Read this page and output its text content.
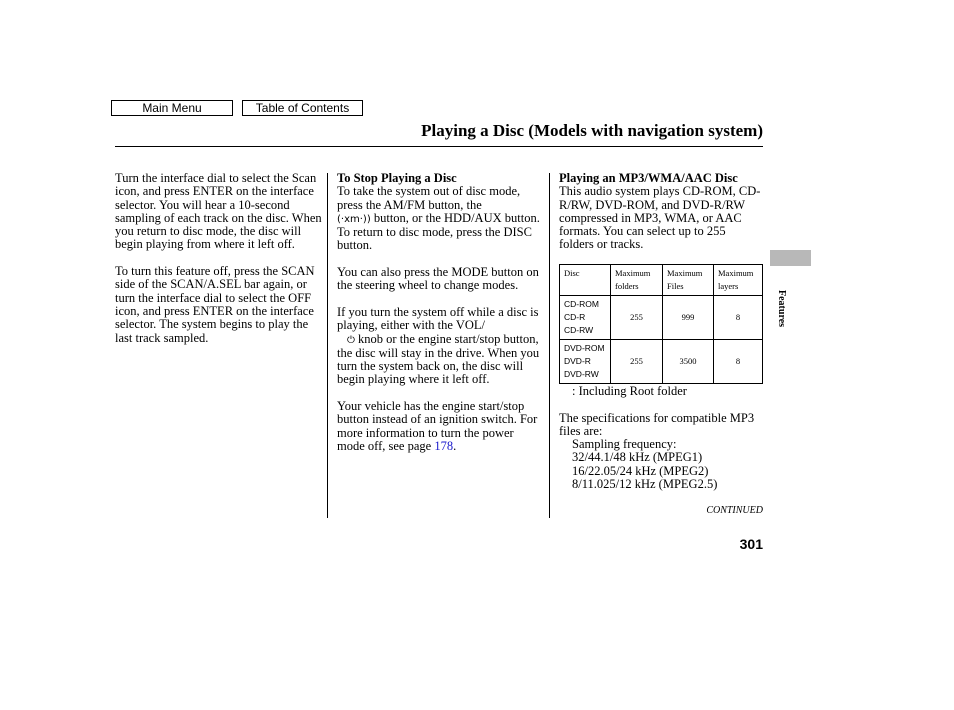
Main Menu	Table of Contents
Playing a Disc (Models with navigation system)

Turn the interface dial to select the Scan icon, and press ENTER on the interface selector. You will hear a 10-second sampling of each track on the disc. When you return to disc mode, the disc will begin playing from where it left off.

To turn this feature off, press the SCAN side of the SCAN/A.SEL bar again, or turn the interface dial to select the OFF icon, and press ENTER on the interface selector. The system begins to play the last track sampled.

To Stop Playing a Disc

To take the system out of disc mode, press the AM/FM button, the
(·xm·)) button, or the HDD/AUX button. To return to disc mode, press the DISC button.

You can also press the MODE button on the steering wheel to change modes.

If you turn the system off while a disc is playing, either with the VOL/
⏻ knob or the engine start/stop button, the disc will stay in the drive. When you turn the system back on, the disc will begin playing where it left off.

Your vehicle has the engine start/stop button instead of an ignition switch. For more information to turn the power mode off, see page 178.

Playing an MP3/WMA/AAC Disc

This audio system plays CD-ROM, CD-R/RW, DVD-ROM, and DVD-R/RW compressed in MP3, WMA, or AAC formats. You can select up to 255 folders or tracks.

Disc	Maximum folders	Maximum Files	Maximum layers
CD-ROM
CD-R
CD-RW	255	999	8
DVD-ROM
DVD-R
DVD-RW	255	3500	8

: Including Root folder

The specifications for compatible MP3 files are:
Sampling frequency:
32/44.1/48 kHz (MPEG1)
16/22.05/24 kHz (MPEG2)
8/11.025/12 kHz (MPEG2.5)
Features
CONTINUED
301
